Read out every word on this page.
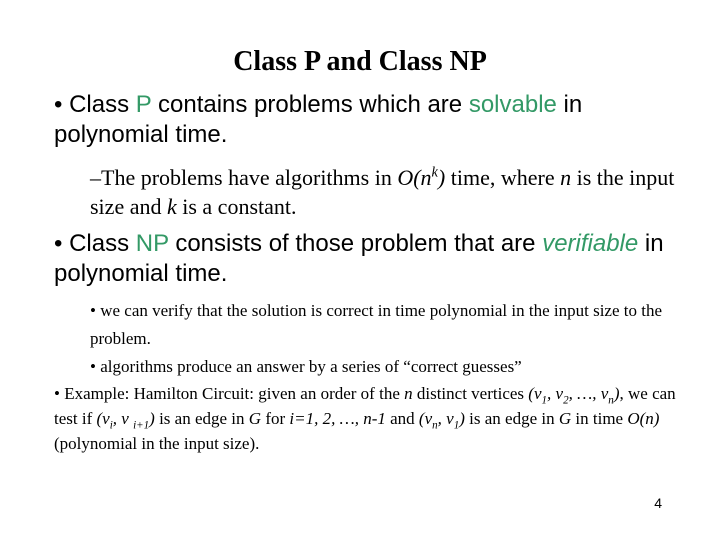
Class P and Class NP
• Class P contains problems which are solvable in polynomial time.
–The problems have algorithms in $O(n^k)$ time, where n is the input size and k is a constant.
• Class NP consists of those problem that are verifiable in polynomial time.
• we can verify that the solution is correct in time polynomial in the input size to the problem.
• algorithms produce an answer by a series of “correct guesses”
• Example: Hamilton Circuit: given an order of the n distinct vertices ($v_1$, $v_2$, …, $v_n$), we can test if ($v_i$, v $_{i+1}$) is an edge in G for i=1, 2, …, n-1 and ($v_n$, $v_1$) is an edge in G in time O(n) (polynomial in the input size).
4
